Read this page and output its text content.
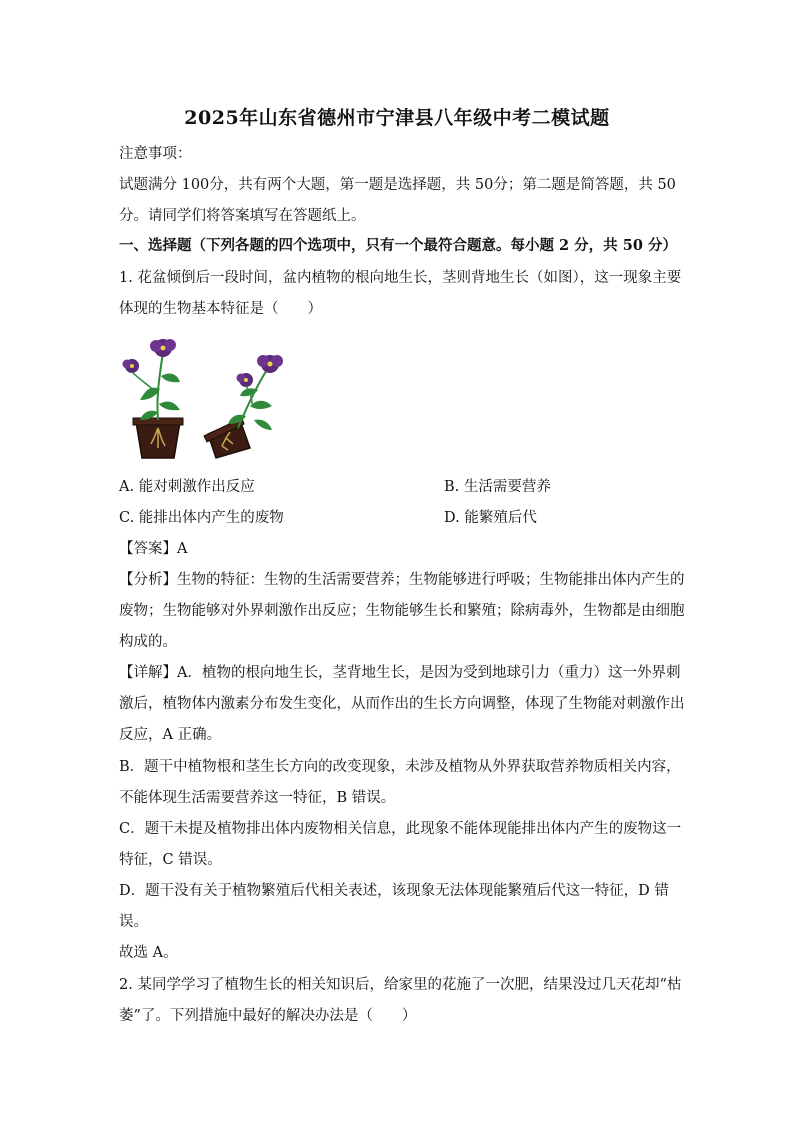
2025年山东省德州市宁津县八年级中考二模试题
注意事项：
试题满分 100分，共有两个大题，第一题是选择题，共 50分；第二题是简答题，共 50
分。请同学们将答案填写在答题纸上。
一、选择题（下列各题的四个选项中，只有一个最符合题意。每小题 2 分，共 50 分）
1. 花盆倾倒后一段时间，盆内植物的根向地生长，茎则背地生长（如图），这一现象主要
体现的生物基本特征是（　　）
A. 能对刺激作出反应	B. 生活需要营养
C. 能排出体内产生的废物	D. 能繁殖后代
【答案】A
【分析】生物的特征：生物的生活需要营养；生物能够进行呼吸；生物能排出体内产生的
废物；生物能够对外界刺激作出反应；生物能够生长和繁殖；除病毒外，生物都是由细胞
构成的。
【详解】A．植物的根向地生长，茎背地生长，是因为受到地球引力（重力）这一外界刺
激后，植物体内激素分布发生变化，从而作出的生长方向调整，体现了生物能对刺激作出
反应，A 正确。
B．题干中植物根和茎生长方向的改变现象，未涉及植物从外界获取营养物质相关内容，
不能体现生活需要营养这一特征，B 错误。
C．题干未提及植物排出体内废物相关信息，此现象不能体现能排出体内产生的废物这一
特征，C 错误。
D．题干没有关于植物繁殖后代相关表述，该现象无法体现能繁殖后代这一特征，D 错
误。
故选 A。
2. 某同学学习了植物生长的相关知识后，给家里的花施了一次肥，结果没过几天花却“枯
萎”了。下列措施中最好的解决办法是（　　）
